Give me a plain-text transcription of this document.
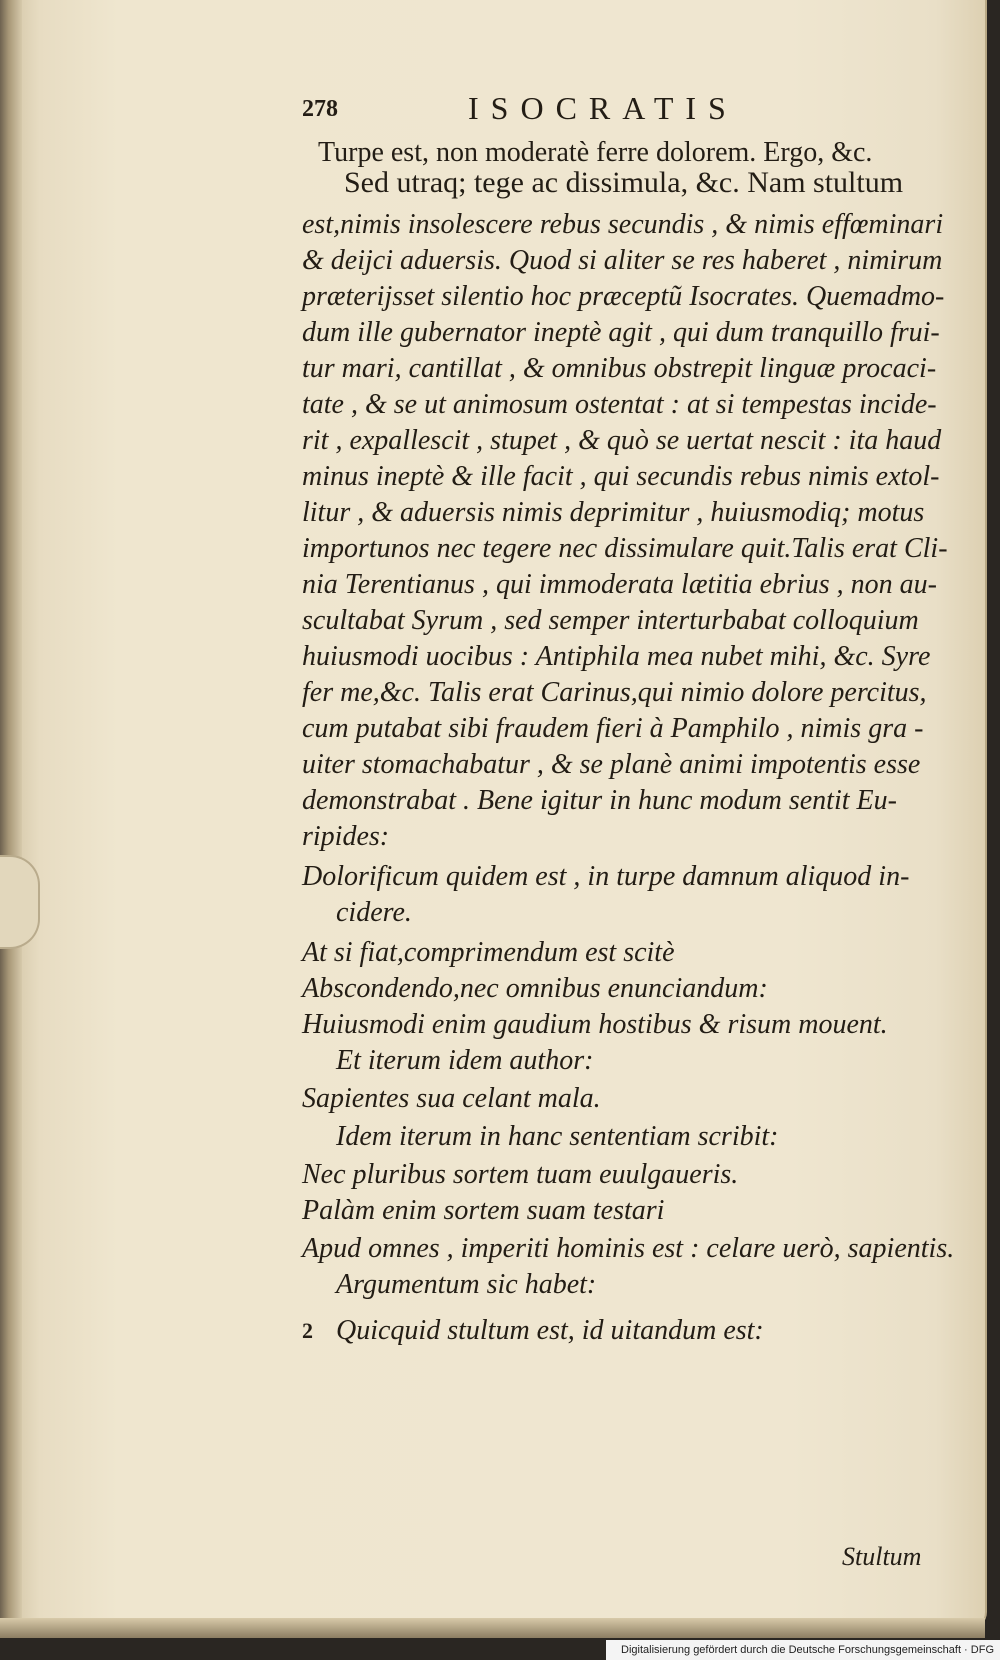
278	ISOCRATIS
Turpe est, non moderatè ferre dolorem. Ergo, &c.
Sed utraq; tege ac dissimula, &c. Nam stultum
est,nimis insolescere rebus secundis , & nimis effœminari
& deijci aduersis. Quod si aliter se res haberet , nimirum
præterijsset silentio hoc præceptũ Isocrates. Quemadmo-
dum ille gubernator ineptè agit , qui dum tranquillo frui-
tur mari, cantillat , & omnibus obstrepit linguæ procaci-
tate , & se ut animosum ostentat : at si tempestas incide-
rit , expallescit , stupet , & quò se uertat nescit : ita haud
minus ineptè & ille facit , qui secundis rebus nimis extol-
litur , & aduersis nimis deprimitur , huiusmodiq; motus
importunos nec tegere nec dissimulare quit.Talis erat Cli-
nia Terentianus , qui immoderata lætitia ebrius , non au-
scultabat Syrum , sed semper interturbabat colloquium
huiusmodi uocibus : Antiphila mea nubet mihi, &c. Syre
fer me,&c. Talis erat Carinus,qui nimio dolore percitus,
cum putabat sibi fraudem fieri à Pamphilo , nimis gra -
uiter stomachabatur , & se planè animi impotentis esse
demonstrabat . Bene igitur in hunc modum sentit Eu-
ripides:
Dolorificum quidem est , in turpe damnum aliquod in-
cidere.
At si fiat,comprimendum est scitè
Abscondendo,nec omnibus enunciandum:
Huiusmodi enim gaudium hostibus & risum mouent.
Et iterum idem author:
Sapientes sua celant mala.
Idem iterum in hanc sententiam scribit:
Nec pluribus sortem tuam euulgaueris.
Palàm enim sortem suam testari
Apud omnes , imperiti hominis est : celare uerò, sapientis.
Argumentum sic habet:
2 Quicquid stultum est, id uitandum est:
Stultum
Digitalisierung gefördert durch die Deutsche Forschungsgemeinschaft · DFG
